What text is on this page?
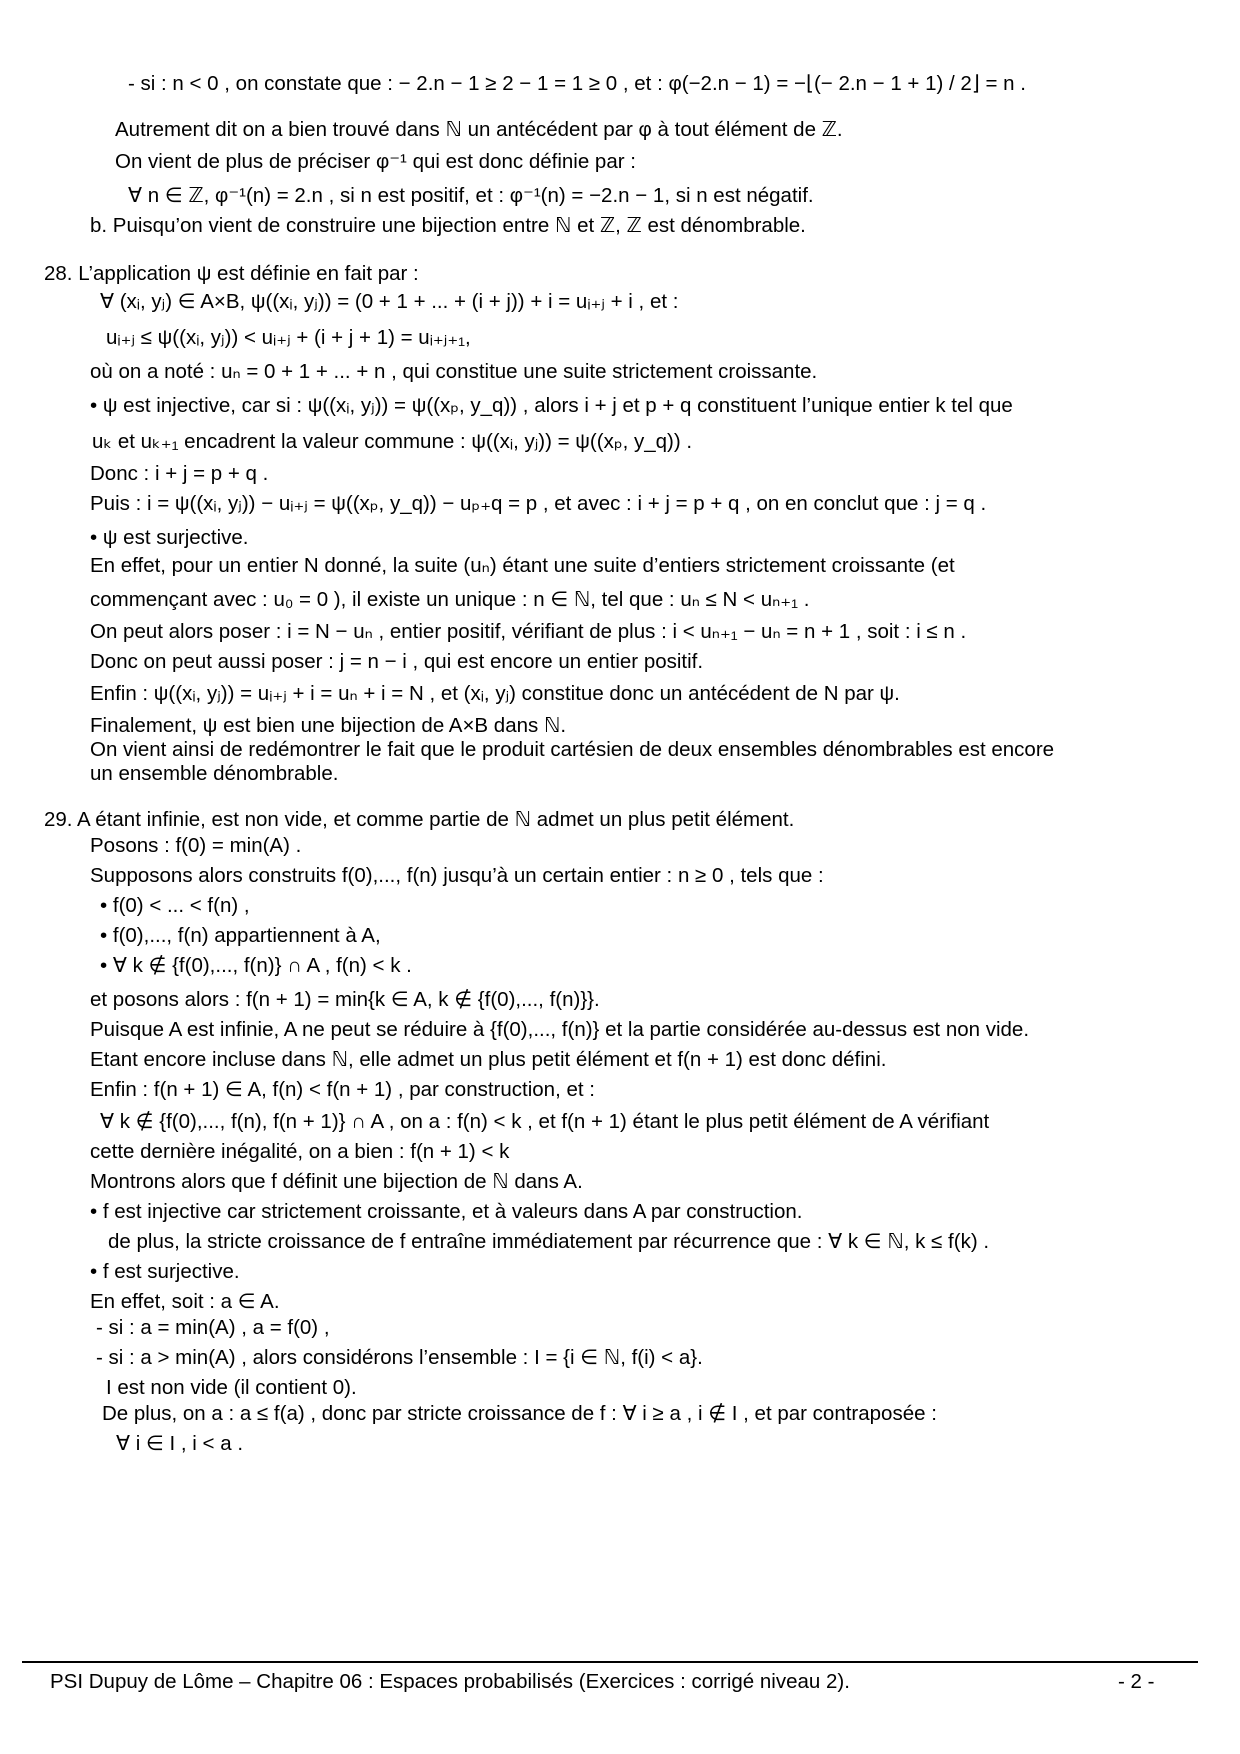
- si : n < 0 , on constate que : − 2.n − 1 ≥ 2 − 1 = 1 ≥ 0 , et : φ(−2.n − 1) = −⌊(− 2.n − 1 + 1) / 2⌋ = n .

Autrement dit on a bien trouvé dans ℕ un antécédent par φ à tout élément de ℤ.

On vient de plus de préciser φ⁻¹ qui est donc définie par :

∀ n ∈ ℤ, φ⁻¹(n) = 2.n , si n est positif, et : φ⁻¹(n) = −2.n − 1, si n est négatif.

b. Puisqu’on vient de construire une bijection entre ℕ et ℤ, ℤ est dénombrable.

28. L’application ψ est définie en fait par :

∀ (xᵢ, yⱼ) ∈ A×B, ψ((xᵢ, yⱼ)) = (0 + 1 + ... + (i + j)) + i = uᵢ₊ⱼ + i , et :

uᵢ₊ⱼ ≤ ψ((xᵢ, yⱼ)) < uᵢ₊ⱼ + (i + j + 1) = uᵢ₊ⱼ₊₁,

où on a noté : uₙ = 0 + 1 + ... + n , qui constitue une suite strictement croissante.

• ψ est injective, car si : ψ((xᵢ, yⱼ)) = ψ((xₚ, y_q)) , alors i + j et p + q constituent l’unique entier k tel que

uₖ et uₖ₊₁ encadrent la valeur commune : ψ((xᵢ, yⱼ)) = ψ((xₚ, y_q)) .

Donc : i + j = p + q .

Puis : i = ψ((xᵢ, yⱼ)) − uᵢ₊ⱼ = ψ((xₚ, y_q)) − uₚ₊q = p , et avec : i + j = p + q , on en conclut que : j = q .

• ψ est surjective.

En effet, pour un entier N donné, la suite (uₙ) étant une suite d’entiers strictement croissante (et

commençant avec : u₀ = 0 ), il existe un unique : n ∈ ℕ, tel que : uₙ ≤ N < uₙ₊₁ .

On peut alors poser : i = N − uₙ , entier positif, vérifiant de plus : i < uₙ₊₁ − uₙ = n + 1 , soit : i ≤ n .

Donc on peut aussi poser : j = n − i , qui est encore un entier positif.

Enfin : ψ((xᵢ, yⱼ)) = uᵢ₊ⱼ + i = uₙ + i = N , et (xᵢ, yⱼ) constitue donc un antécédent de N par ψ.

Finalement, ψ est bien une bijection de A×B dans ℕ.

On vient ainsi de redémontrer le fait que le produit cartésien de deux ensembles dénombrables est encore

un ensemble dénombrable.

29. A étant infinie, est non vide, et comme partie de ℕ admet un plus petit élément.

Posons : f(0) = min(A) .

Supposons alors construits f(0),..., f(n) jusqu’à un certain entier : n ≥ 0 , tels que :

• f(0) < ... < f(n) ,

• f(0),..., f(n) appartiennent à A,

• ∀ k ∉ {f(0),..., f(n)} ∩ A , f(n) < k .

et posons alors : f(n + 1) = min{k ∈ A, k ∉ {f(0),..., f(n)}}.

Puisque A est infinie, A ne peut se réduire à {f(0),..., f(n)} et la partie considérée au-dessus est non vide.

Etant encore incluse dans ℕ, elle admet un plus petit élément et f(n + 1) est donc défini.

Enfin : f(n + 1) ∈ A, f(n) < f(n + 1) , par construction, et :

∀ k ∉ {f(0),..., f(n), f(n + 1)} ∩ A , on a : f(n) < k , et f(n + 1) étant le plus petit élément de A vérifiant

cette dernière inégalité, on a bien : f(n + 1) < k

Montrons alors que f définit une bijection de ℕ dans A.

• f est injective car strictement croissante, et à valeurs dans A par construction.

de plus, la stricte croissance de f entraîne immédiatement par récurrence que : ∀ k ∈ ℕ, k ≤ f(k) .

• f est surjective.

En effet, soit : a ∈ A.

- si : a = min(A) , a = f(0) ,

- si : a > min(A) , alors considérons l’ensemble : I = {i ∈ ℕ, f(i) < a}.

I est non vide (il contient 0).

De plus, on a : a ≤ f(a) , donc par stricte croissance de f : ∀ i ≥ a , i ∉ I , et par contraposée :

∀ i ∈ I , i < a .

PSI Dupuy de Lôme – Chapitre 06 : Espaces probabilisés (Exercices : corrigé niveau 2).	- 2 -
